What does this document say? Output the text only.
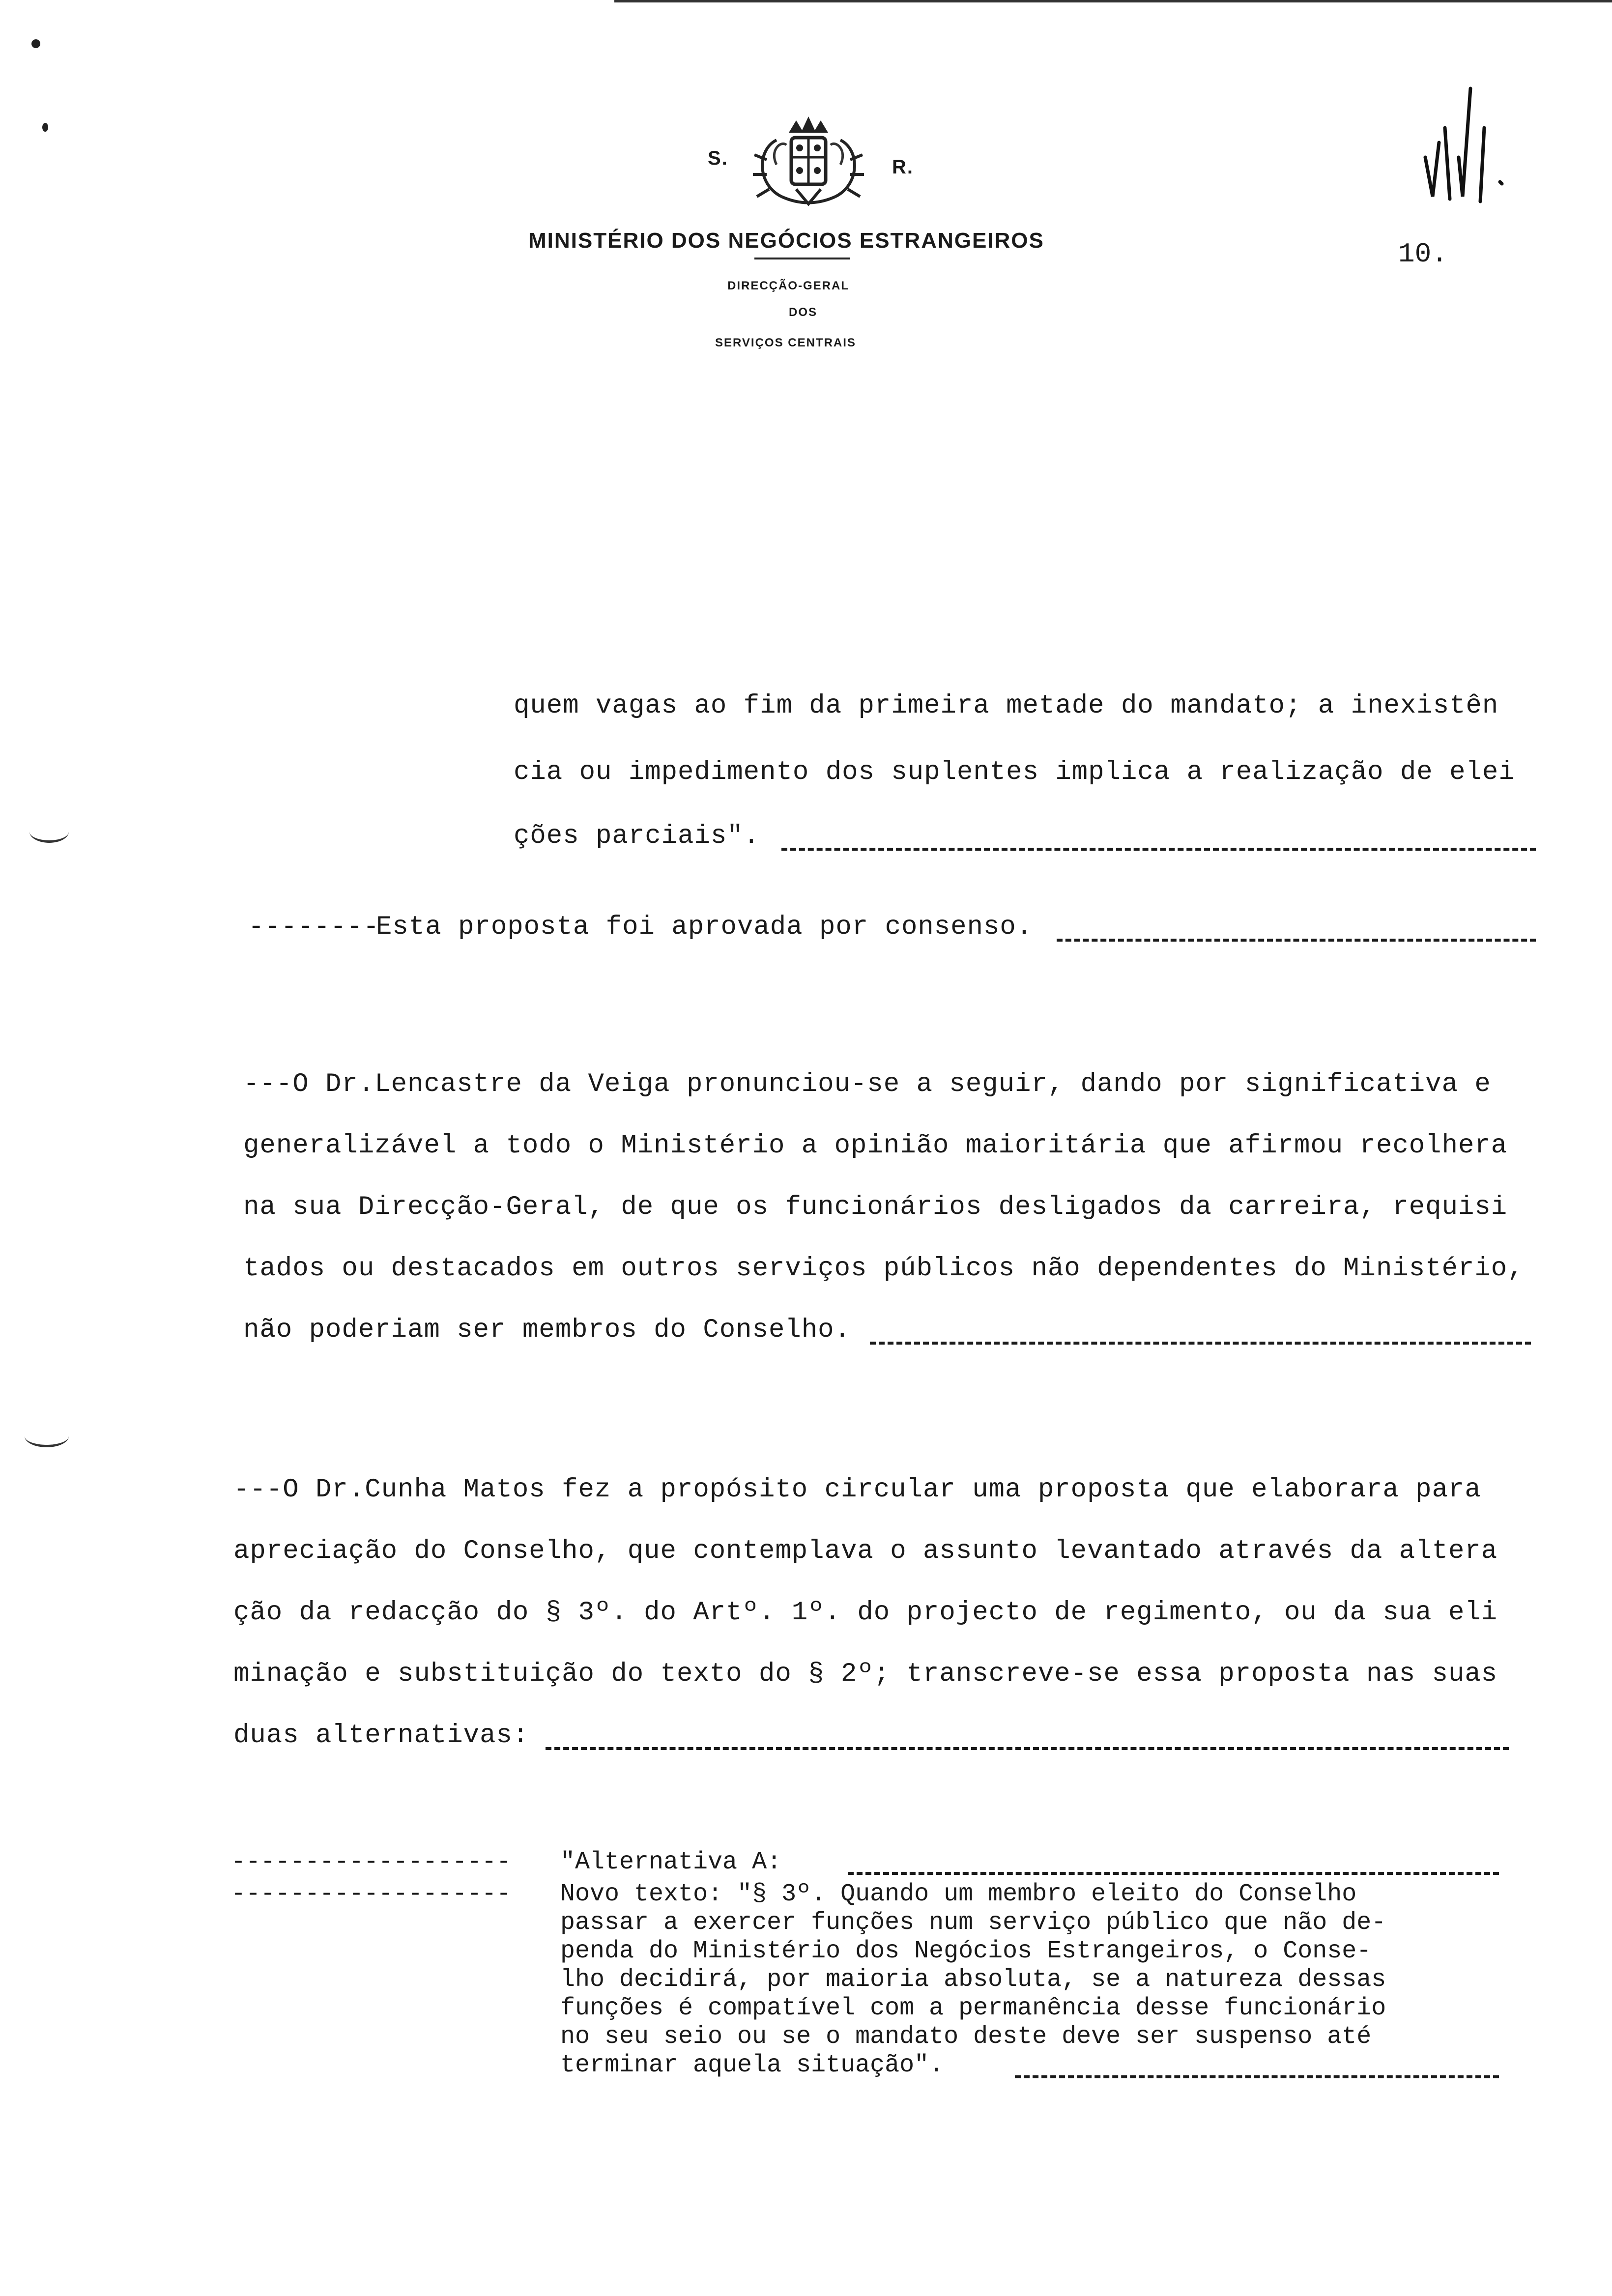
S.	R.
MINISTÉRIO DOS NEGÓCIOS ESTRANGEIROS
DIRECÇÃO-GERAL
DOS
SERVIÇOS CENTRAIS
10.
quem vagas ao fim da primeira metade do mandato; a inexistên
cia ou impedimento dos suplentes implica a realização de elei
ções parciais".
--------
Esta proposta foi aprovada por consenso.
---O Dr.Lencastre da Veiga pronunciou-se a seguir, dando por significativa e
generalizável a todo o Ministério a opinião maioritária que afirmou recolhera
na sua Direcção-Geral, de que os funcionários desligados da carreira, requisi
tados ou destacados em outros serviços públicos não dependentes do Ministério,
não poderiam ser membros do Conselho.
---O Dr.Cunha Matos fez a propósito circular uma proposta que elaborara para
apreciação do Conselho, que contemplava o assunto levantado através da altera
ção da redacção do § 3º. do Artº. 1º. do projecto de regimento, ou da sua eli
minação e substituição do texto do § 2º; transcreve-se essa proposta nas suas
duas alternativas:
------------------- "Alternativa A:
------------------- Novo texto: "§ 3º. Quando um membro eleito do Conselho
passar a exercer funções num serviço público que não de-
penda do Ministério dos Negócios Estrangeiros, o Conse-
lho decidirá, por maioria absoluta, se a natureza dessas
funções é compatível com a permanência desse funcionário
no seu seio ou se o mandato deste deve ser suspenso até
terminar aquela situação".
